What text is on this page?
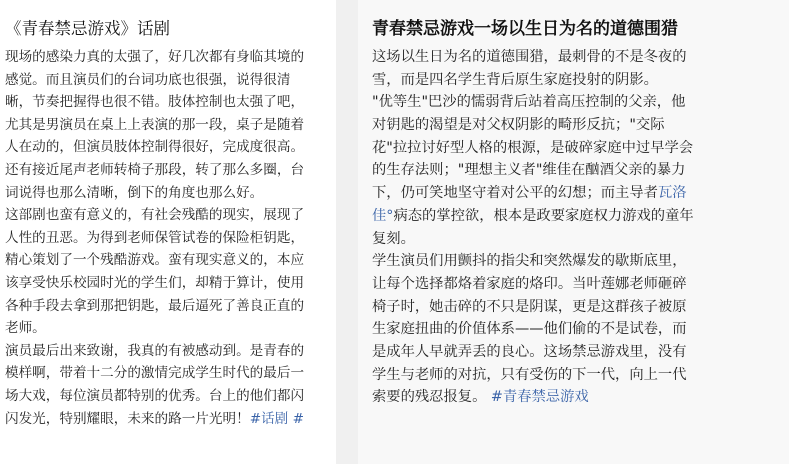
《青春禁忌游戏》话剧
现场的感染力真的太强了，好几次都有身临其境的
感觉。而且演员们的台词功底也很强，说得很清
晰，节奏把握得也很不错。肢体控制也太强了吧，
尤其是男演员在桌上上表演的那一段，桌子是随着
人在动的，但演员肢体控制得很好，完成度很高。
还有接近尾声老师转椅子那段，转了那么多圈，台
词说得也那么清晰，倒下的角度也那么好。
这部剧也蛮有意义的，有社会残酷的现实，展现了
人性的丑恶。为得到老师保管试卷的保险柜钥匙，
精心策划了一个残酷游戏。蛮有现实意义的，本应
该享受快乐校园时光的学生们，却精于算计，使用
各种手段去拿到那把钥匙，最后逼死了善良正直的
老师。
演员最后出来致谢，我真的有被感动到。是青春的
模样啊，带着十二分的激情完成学生时代的最后一
场大戏，每位演员都特别的优秀。台上的他们都闪
闪发光，特别耀眼，未来的路一片光明！#话剧 #
青春禁忌游戏一场以生日为名的道德围猎
这场以生日为名的道德围猎，最刺骨的不是冬夜的
雪，而是四名学生背后原生家庭投射的阴影。
"优等生"巴沙的懦弱背后站着高压控制的父亲，他
对钥匙的渴望是对父权阴影的畸形反抗；"交际
花"拉拉讨好型人格的根源，是破碎家庭中过早学会
的生存法则；"理想主义者"维佳在酗酒父亲的暴力
下，仍可笑地坚守着对公平的幻想；而主导者瓦洛
佳°病态的掌控欲，根本是政要家庭权力游戏的童年
复刻。
学生演员们用颤抖的指尖和突然爆发的歇斯底里，
让每个选择都烙着家庭的烙印。当叶莲娜老师砸碎
椅子时，她击碎的不只是阴谋，更是这群孩子被原
生家庭扭曲的价值体系——他们偷的不是试卷，而
是成年人早就弄丢的良心。这场禁忌游戏里，没有
学生与老师的对抗，只有受伤的下一代，向上一代
索要的残忍报复。 #青春禁忌游戏
